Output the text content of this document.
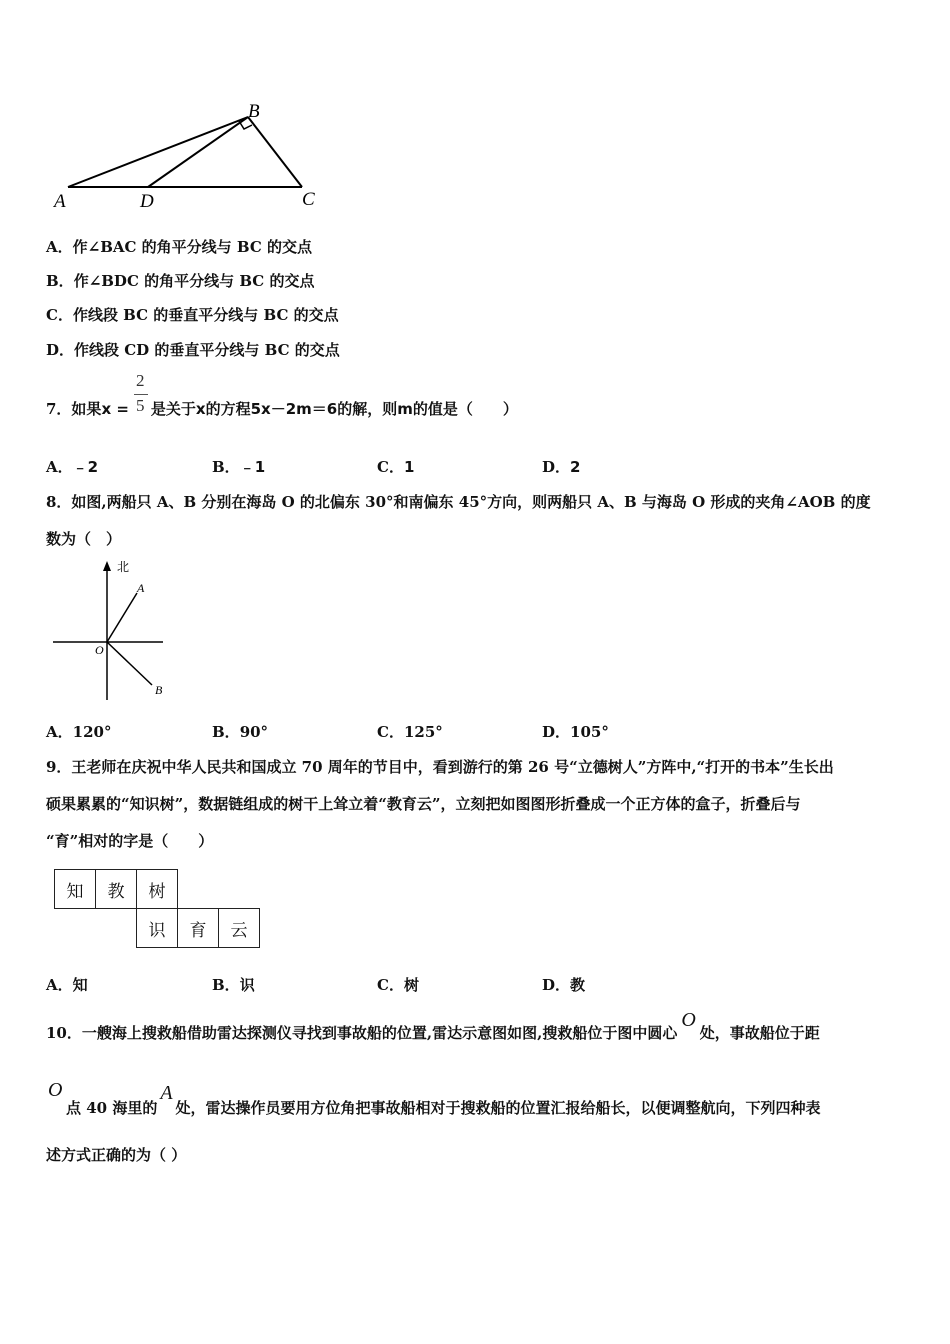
A	D	C
B
A．作∠BAC 的角平分线与 BC 的交点
B．作∠BDC 的角平分线与 BC 的交点
C．作线段 BC 的垂直平分线与 BC 的交点
D．作线段 CD 的垂直平分线与 BC 的交点
7．如果x = 是关于x的方程5x－2m＝6的解，则m的值是（　　）
2
5
A．﹣2	B．﹣1	C．1	D．2
8．如图,两船只 A、B 分别在海岛 O 的北偏东 30°和南偏东 45°方向，则两船只 A、B 与海岛 O 形成的夹角∠AOB 的度
数为（　）
北
A
O
B
A．120°	B．90°	C．125°	D．105°
9．王老师在庆祝中华人民共和国成立 70 周年的节目中，看到游行的第 26 号“立德树人”方阵中,“打开的书本”生长出
硕果累累的“知识树”，数据链组成的树干上耸立着“教育云”，立刻把如图图形折叠成一个正方体的盒子，折叠后与
“育”相对的字是（　　）
知	教	树		
		识	育	云
A．知	B．识	C．树	D．教
10．一艘海上搜救船借助雷达探测仪寻找到事故船的位置,雷达示意图如图,搜救船位于图中圆心O处，事故船位于距
O
点 40 海里的A处，雷达操作员要用方位角把事故船相对于搜救船的位置汇报给船长，以便调整航向，下列四种表
述方式正确的为（ ）
